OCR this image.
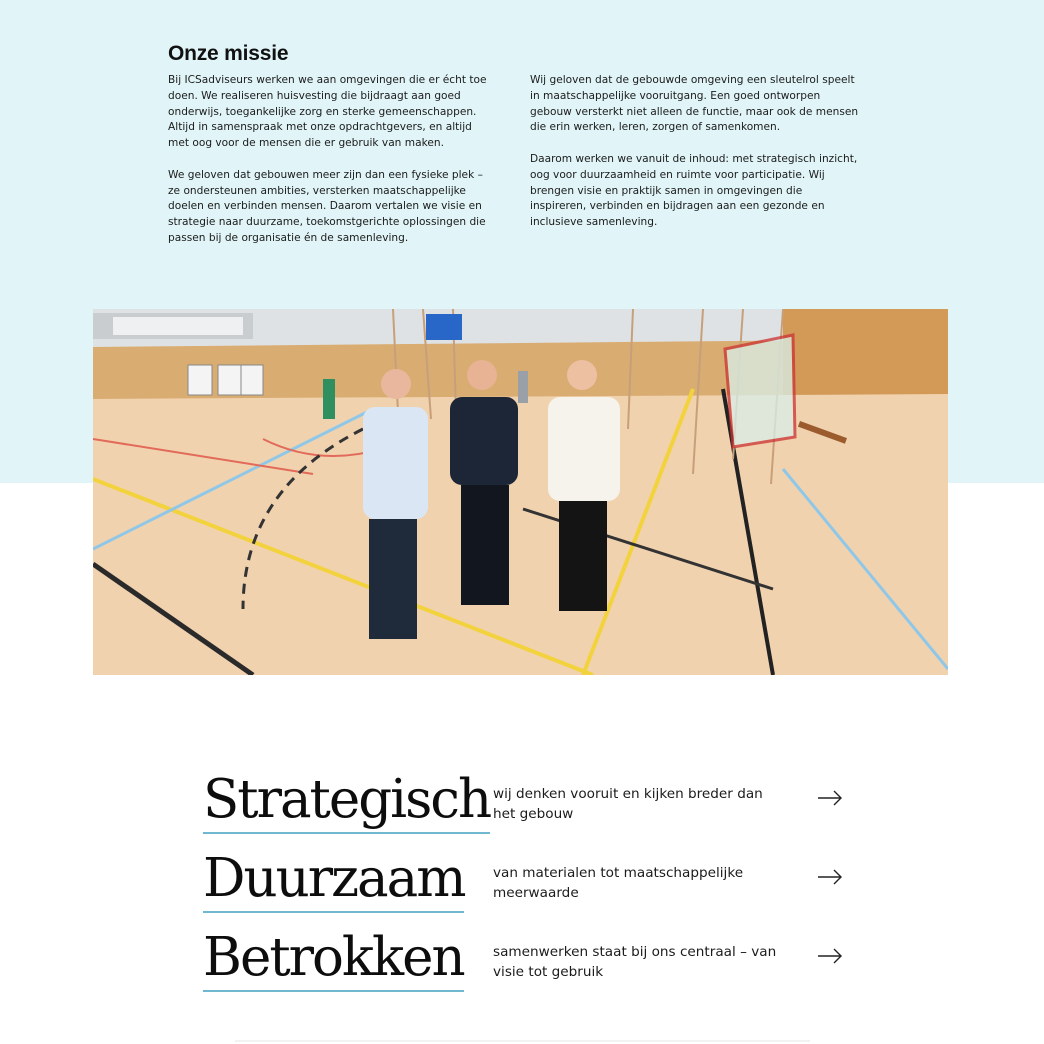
Onze missie

Bij ICSadviseurs werken we aan omgevingen die er écht toe doen. We realiseren huisvesting die bijdraagt aan goed onderwijs, toegankelijke zorg en sterke gemeenschappen. Altijd in samenspraak met onze opdrachtgevers, en altijd met oog voor de mensen die er gebruik van maken.

We geloven dat gebouwen meer zijn dan een fysieke plek – ze ondersteunen ambities, versterken maatschappelijke doelen en verbinden mensen. Daarom vertalen we visie en strategie naar duurzame, toekomstgerichte oplossingen die passen bij de organisatie én de samenleving.

Wij geloven dat de gebouwde omgeving een sleutelrol speelt in maatschappelijke vooruitgang. Een goed ontworpen gebouw versterkt niet alleen de functie, maar ook de mensen die erin werken, leren, zorgen of samenkomen.

Daarom werken we vanuit de inhoud: met strategisch inzicht, oog voor duurzaamheid en ruimte voor participatie. Wij brengen visie en praktijk samen in omgevingen die inspireren, verbinden en bijdragen aan een gezonde en inclusieve samenleving.

Strategisch wij denken vooruit en kijken breder dan het gebouw
Duurzaam van materialen tot maatschappelijke meerwaarde
Betrokken samenwerken staat bij ons centraal – van visie tot gebruik
